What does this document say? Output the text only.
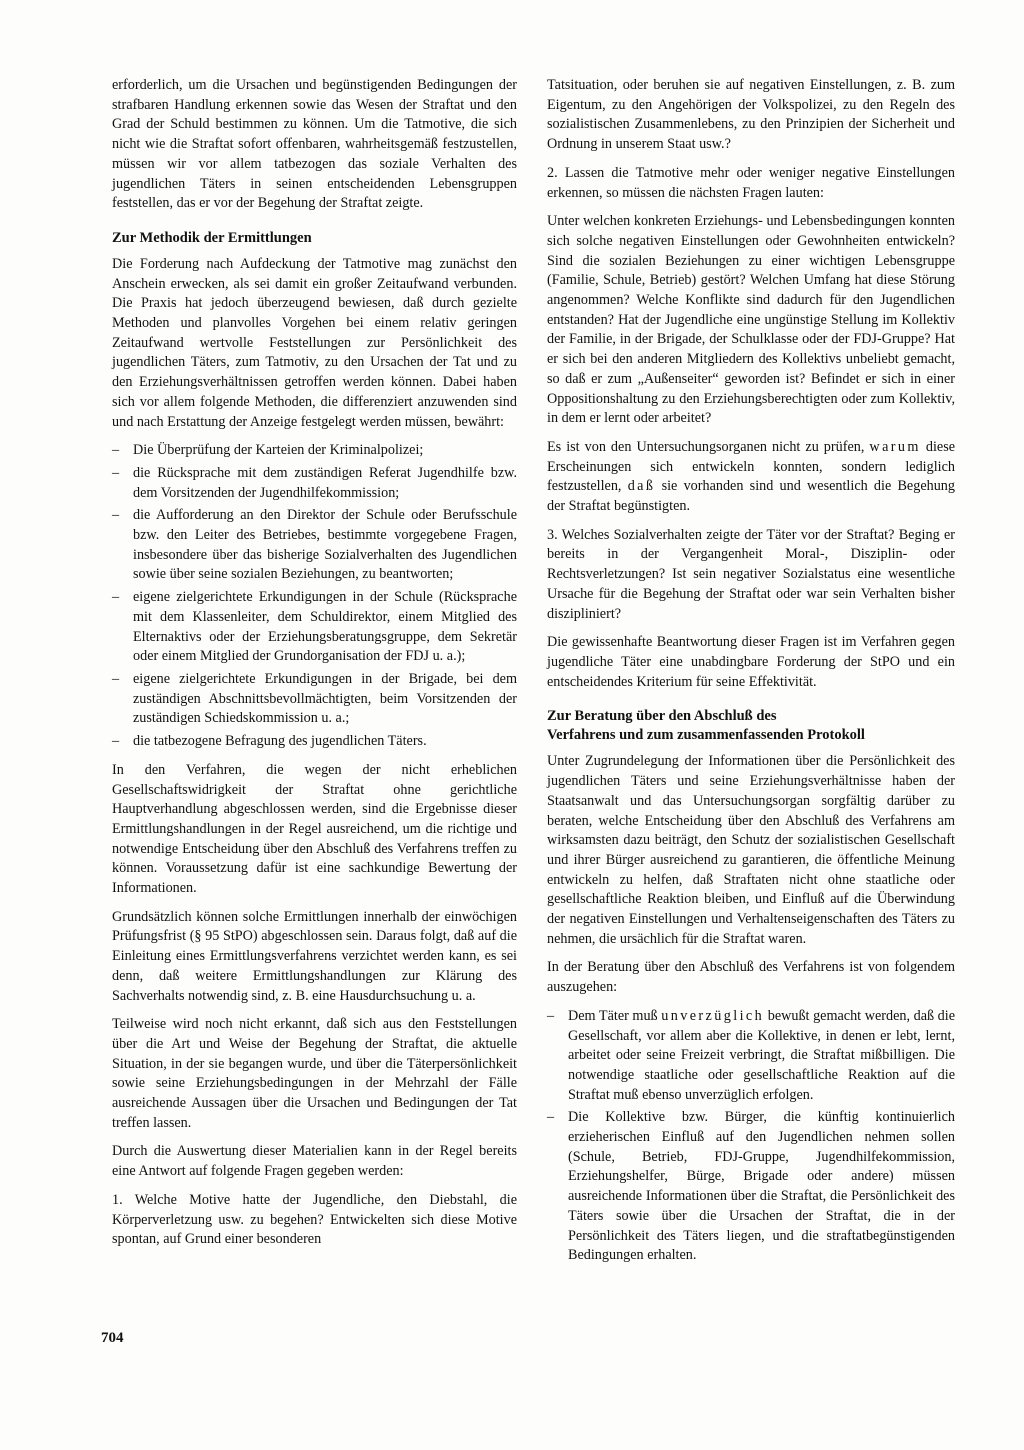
erforderlich, um die Ursachen und begünstigenden Bedingungen der strafbaren Handlung erkennen sowie das Wesen der Straftat und den Grad der Schuld bestimmen zu können. Um die Tatmotive, die sich nicht wie die Straftat sofort offenbaren, wahrheitsgemäß festzustellen, müssen wir vor allem tatbezogen das soziale Verhalten des jugendlichen Täters in seinen entscheidenden Lebensgruppen feststellen, das er vor der Begehung der Straftat zeigte.

Zur Methodik der Ermittlungen

Die Forderung nach Aufdeckung der Tatmotive mag zunächst den Anschein erwecken, als sei damit ein großer Zeitaufwand verbunden. Die Praxis hat jedoch überzeugend bewiesen, daß durch gezielte Methoden und planvolles Vorgehen bei einem relativ geringen Zeitaufwand wertvolle Feststellungen zur Persönlichkeit des jugendlichen Täters, zum Tatmotiv, zu den Ursachen der Tat und zu den Erziehungsverhältnissen getroffen werden können. Dabei haben sich vor allem folgende Methoden, die differenziert anzuwenden sind und nach Erstattung der Anzeige festgelegt werden müssen, bewährt:

– Die Überprüfung der Karteien der Kriminalpolizei;
– die Rücksprache mit dem zuständigen Referat Jugendhilfe bzw. dem Vorsitzenden der Jugendhilfekommission;
– die Aufforderung an den Direktor der Schule oder Berufsschule bzw. den Leiter des Betriebes, bestimmte vorgegebene Fragen, insbesondere über das bisherige Sozialverhalten des Jugendlichen sowie über seine sozialen Beziehungen, zu beantworten;
– eigene zielgerichtete Erkundigungen in der Schule (Rücksprache mit dem Klassenleiter, dem Schuldirektor, einem Mitglied des Elternaktivs oder der Erziehungsberatungsgruppe, dem Sekretär oder einem Mitglied der Grundorganisation der FDJ u. a.);
– eigene zielgerichtete Erkundigungen in der Brigade, bei dem zuständigen Abschnittsbevollmächtigten, beim Vorsitzenden der zuständigen Schiedskommission u. a.;
– die tatbezogene Befragung des jugendlichen Täters.

In den Verfahren, die wegen der nicht erheblichen Gesellschaftswidrigkeit der Straftat ohne gerichtliche Hauptverhandlung abgeschlossen werden, sind die Ergebnisse dieser Ermittlungshandlungen in der Regel ausreichend, um die richtige und notwendige Entscheidung über den Abschluß des Verfahrens treffen zu können. Voraussetzung dafür ist eine sachkundige Bewertung der Informationen.

Grundsätzlich können solche Ermittlungen innerhalb der einwöchigen Prüfungsfrist (§ 95 StPO) abgeschlossen sein. Daraus folgt, daß auf die Einleitung eines Ermittlungsverfahrens verzichtet werden kann, es sei denn, daß weitere Ermittlungshandlungen zur Klärung des Sachverhalts notwendig sind, z. B. eine Hausdurchsuchung u. a.

Teilweise wird noch nicht erkannt, daß sich aus den Feststellungen über die Art und Weise der Begehung der Straftat, die aktuelle Situation, in der sie begangen wurde, und über die Täterpersönlichkeit sowie seine Erziehungsbedingungen in der Mehrzahl der Fälle ausreichende Aussagen über die Ursachen und Bedingungen der Tat treffen lassen.

Durch die Auswertung dieser Materialien kann in der Regel bereits eine Antwort auf folgende Fragen gegeben werden:

1. Welche Motive hatte der Jugendliche, den Diebstahl, die Körperverletzung usw. zu begehen? Entwickelten sich diese Motive spontan, auf Grund einer besonderen

Tatsituation, oder beruhen sie auf negativen Einstellungen, z. B. zum Eigentum, zu den Angehörigen der Volkspolizei, zu den Regeln des sozialistischen Zusammenlebens, zu den Prinzipien der Sicherheit und Ordnung in unserem Staat usw.?

2. Lassen die Tatmotive mehr oder weniger negative Einstellungen erkennen, so müssen die nächsten Fragen lauten:

Unter welchen konkreten Erziehungs- und Lebensbedingungen konnten sich solche negativen Einstellungen oder Gewohnheiten entwickeln? Sind die sozialen Beziehungen zu einer wichtigen Lebensgruppe (Familie, Schule, Betrieb) gestört? Welchen Umfang hat diese Störung angenommen? Welche Konflikte sind dadurch für den Jugendlichen entstanden? Hat der Jugendliche eine ungünstige Stellung im Kollektiv der Familie, in der Brigade, der Schulklasse oder der FDJ-Gruppe? Hat er sich bei den anderen Mitgliedern des Kollektivs unbeliebt gemacht, so daß er zum „Außenseiter“ geworden ist? Befindet er sich in einer Oppositionshaltung zu den Erziehungsberechtigten oder zum Kollektiv, in dem er lernt oder arbeitet?

Es ist von den Untersuchungsorganen nicht zu prüfen, warum diese Erscheinungen sich entwickeln konnten, sondern lediglich festzustellen, daß sie vorhanden sind und wesentlich die Begehung der Straftat begünstigten.

3. Welches Sozialverhalten zeigte der Täter vor der Straftat? Beging er bereits in der Vergangenheit Moral-, Disziplin- oder Rechtsverletzungen? Ist sein negativer Sozialstatus eine wesentliche Ursache für die Begehung der Straftat oder war sein Verhalten bisher diszipliniert?

Die gewissenhafte Beantwortung dieser Fragen ist im Verfahren gegen jugendliche Täter eine unabdingbare Forderung der StPO und ein entscheidendes Kriterium für seine Effektivität.

Zur Beratung über den Abschluß des
Verfahrens und zum zusammenfassenden Protokoll

Unter Zugrundelegung der Informationen über die Persönlichkeit des jugendlichen Täters und seine Erziehungsverhältnisse haben der Staatsanwalt und das Untersuchungsorgan sorgfältig darüber zu beraten, welche Entscheidung über den Abschluß des Verfahrens am wirksamsten dazu beiträgt, den Schutz der sozialistischen Gesellschaft und ihrer Bürger ausreichend zu garantieren, die öffentliche Meinung entwickeln zu helfen, daß Straftaten nicht ohne staatliche oder gesellschaftliche Reaktion bleiben, und Einfluß auf die Überwindung der negativen Einstellungen und Verhaltenseigenschaften des Täters zu nehmen, die ursächlich für die Straftat waren.

In der Beratung über den Abschluß des Verfahrens ist von folgendem auszugehen:

– Dem Täter muß unverzüglich bewußt gemacht werden, daß die Gesellschaft, vor allem aber die Kollektive, in denen er lebt, lernt, arbeitet oder seine Freizeit verbringt, die Straftat mißbilligen. Die notwendige staatliche oder gesellschaftliche Reaktion auf die Straftat muß ebenso unverzüglich erfolgen.
– Die Kollektive bzw. Bürger, die künftig kontinuierlich erzieherischen Einfluß auf den Jugendlichen nehmen sollen (Schule, Betrieb, FDJ-Gruppe, Jugendhilfekommission, Erziehungshelfer, Bürge, Brigade oder andere) müssen ausreichende Informationen über die Straftat, die Persönlichkeit des Täters sowie über die Ursachen der Straftat, die in der Persönlichkeit des Täters liegen, und die straftatbegünstigenden Bedingungen erhalten.
704
